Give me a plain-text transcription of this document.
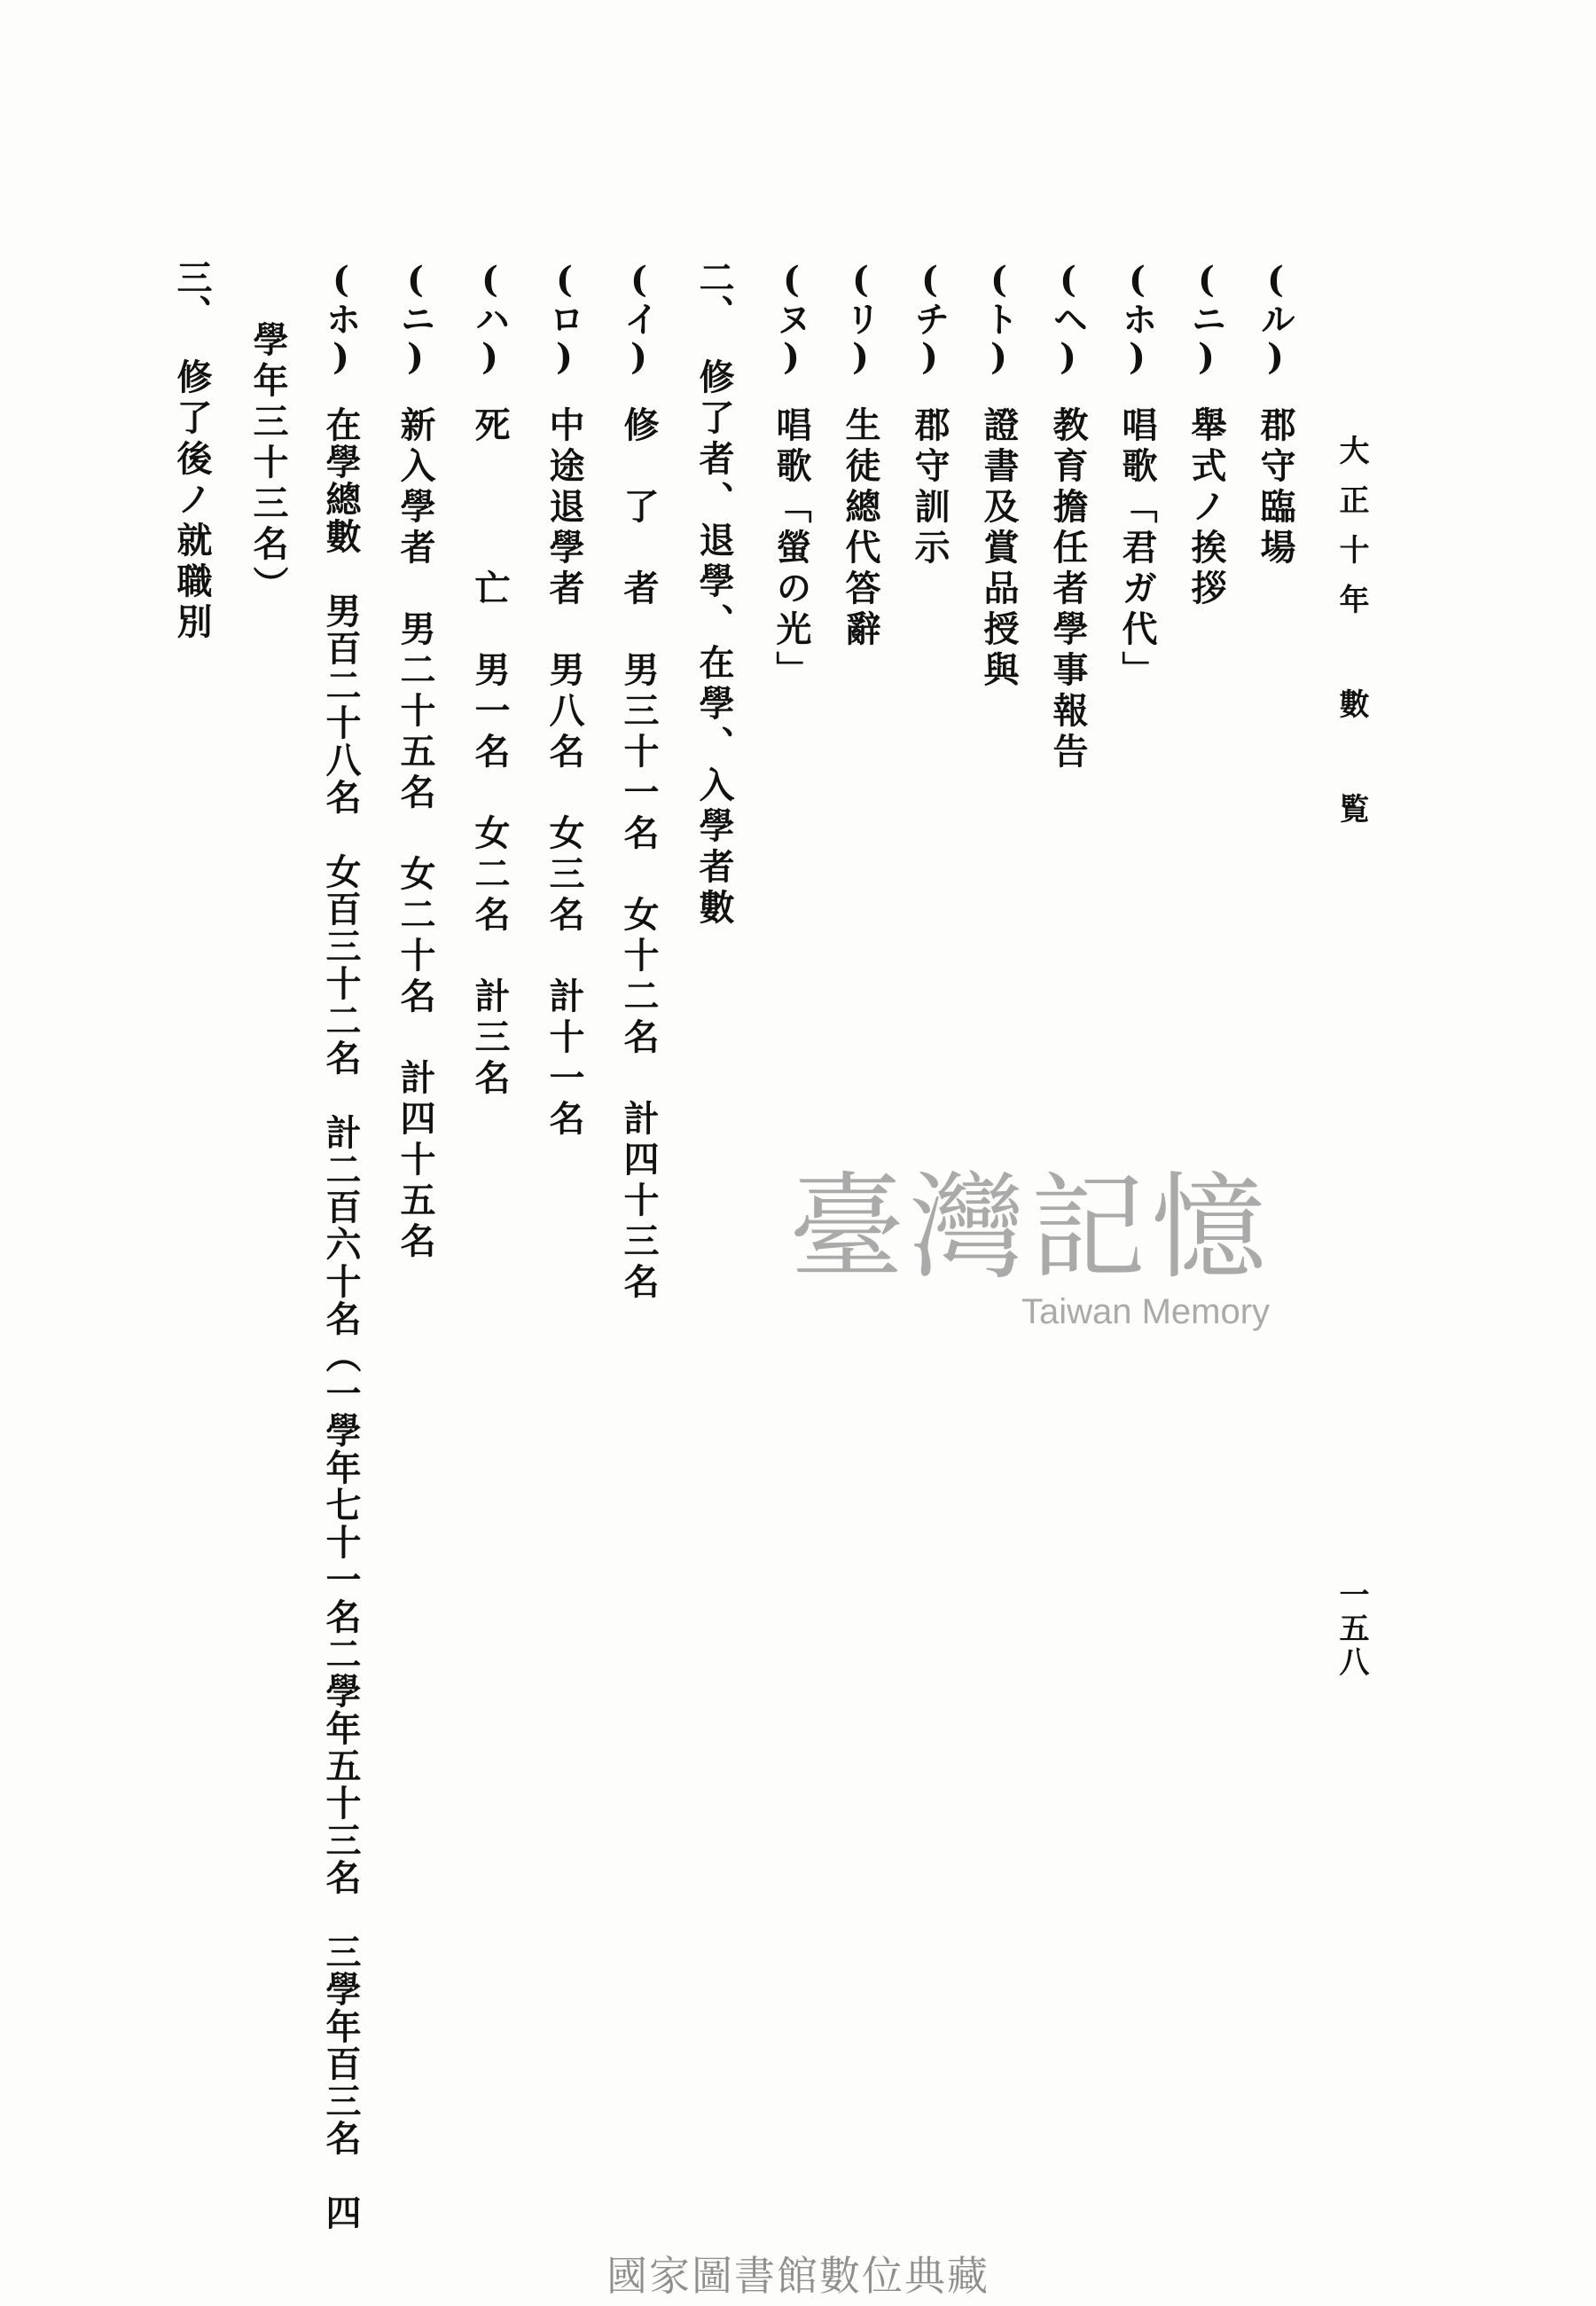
大正十年 數 覧
一五八
(ル)郡守臨場
(ニ)舉式ノ挨拶
(ホ)唱歌「君ガ代」
(ヘ)教育擔任者學事報告
(ト)證書及賞品授與
(チ)郡守訓示
(リ)生徒總代答辭
(ヌ)唱歌「螢の光」
二、修了者、退學、在學、入學者數
(イ)修　了　者　男三十一名　女十二名　計四十三名
(ロ)中途退學者　男八名　女三名　計十一名
(ハ)死　　　亡　男一名　女二名　計三名
(ニ)新入學者　男二十五名　女二十名　計四十五名
(ホ)在學總數　男百二十八名　女百三十二名　計二百六十名（一學年七十一名二學年五十三名　三學年百三名　四
學年三十三名）
三、修了後ノ就職別
臺灣記憶
Taiwan Memory
國家圖書館數位典藏
